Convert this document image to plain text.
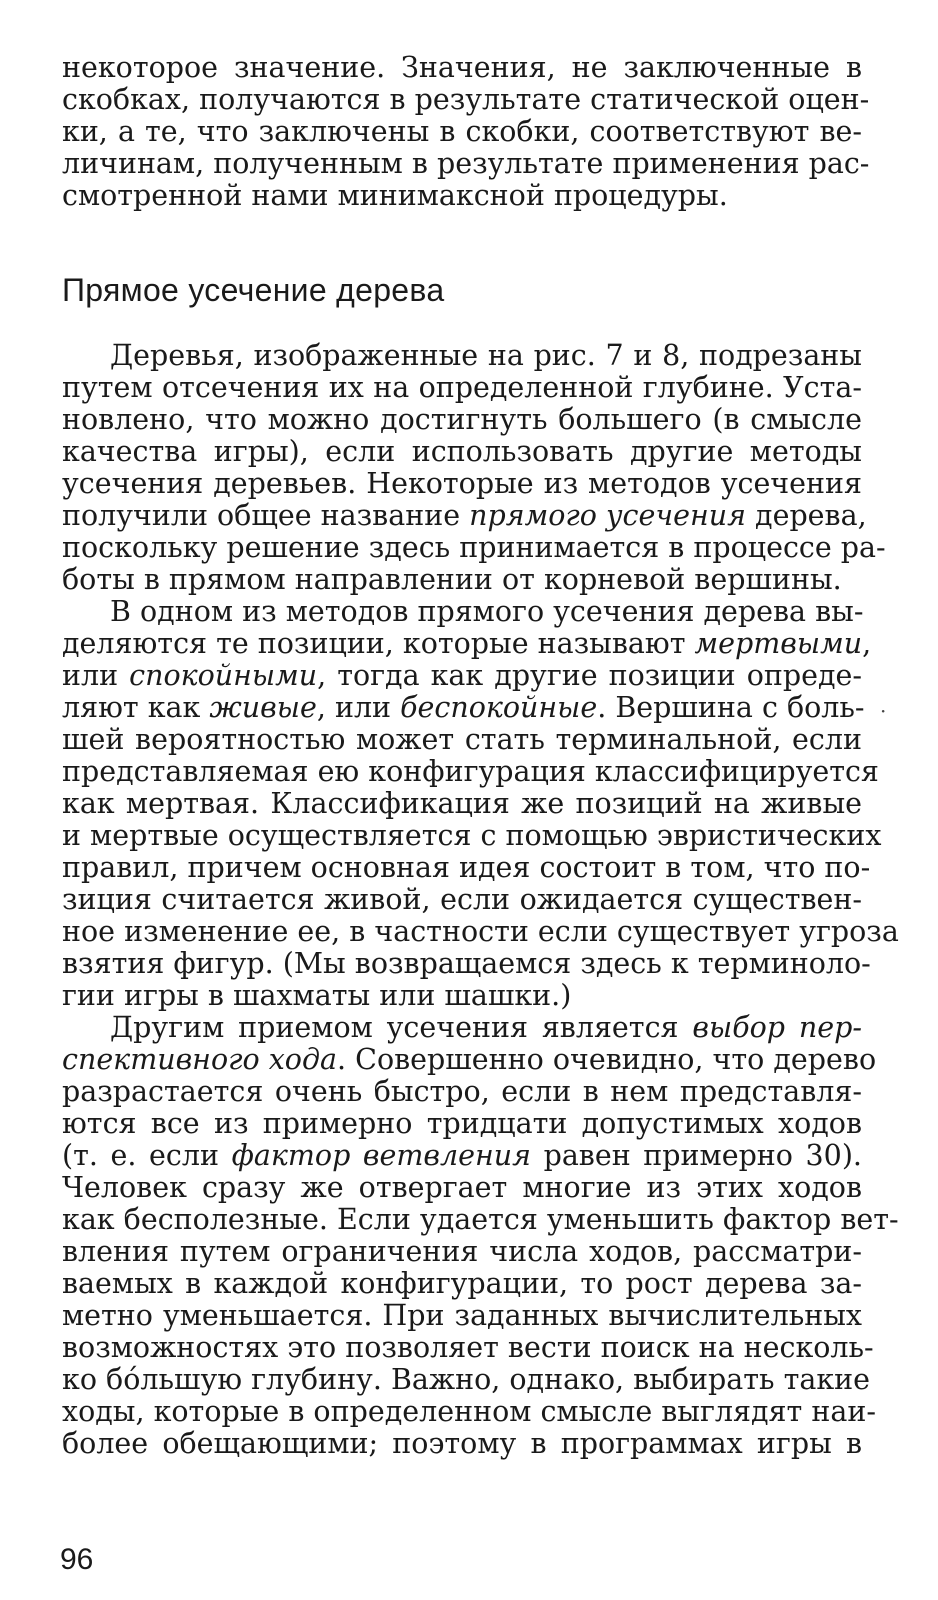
некоторое значение. Значения, не заключенные в
скобках, получаются в результате статической оцен-
ки, а те, что заключены в скобки, соответствуют ве-
личинам, полученным в результате применения рас-
смотренной нами минимаксной процедуры.
Прямое усечение дерева
Деревья, изображенные на рис. 7 и 8, подрезаны
путем отсечения их на определенной глубине. Уста-
новлено, что можно достигнуть большего (в смысле
качества игры), если использовать другие методы
усечения деревьев. Некоторые из методов усечения
получили общее название прямого усечения дерева,
поскольку решение здесь принимается в процессе ра-
боты в прямом направлении от корневой вершины.
В одном из методов прямого усечения дерева вы-
деляются те позиции, которые называют мертвыми,
или спокойными, тогда как другие позиции опреде-
ляют как живые, или беспокойные. Вершина с боль-
шей вероятностью может стать терминальной, если
представляемая ею конфигурация классифицируется
как мертвая. Классификация же позиций на живые
и мертвые осуществляется с помощью эвристических
правил, причем основная идея состоит в том, что по-
зиция считается живой, если ожидается существен-
ное изменение ее, в частности если существует угроза
взятия фигур. (Мы возвращаемся здесь к терминоло-
гии игры в шахматы или шашки.)
Другим приемом усечения является выбор пер-
спективного хода. Совершенно очевидно, что дерево
разрастается очень быстро, если в нем представля-
ются все из примерно тридцати допустимых ходов
(т. е. если фактор ветвления равен примерно 30).
Человек сразу же отвергает многие из этих ходов
как бесполезные. Если удается уменьшить фактор вет-
вления путем ограничения числа ходов, рассматри-
ваемых в каждой конфигурации, то рост дерева за-
метно уменьшается. При заданных вычислительных
возможностях это позволяет вести поиск на несколь-
ко бо́льшую глубину. Важно, однако, выбирать такие
ходы, которые в определенном смысле выглядят наи-
более обещающими; поэтому в программах игры в
·
96
